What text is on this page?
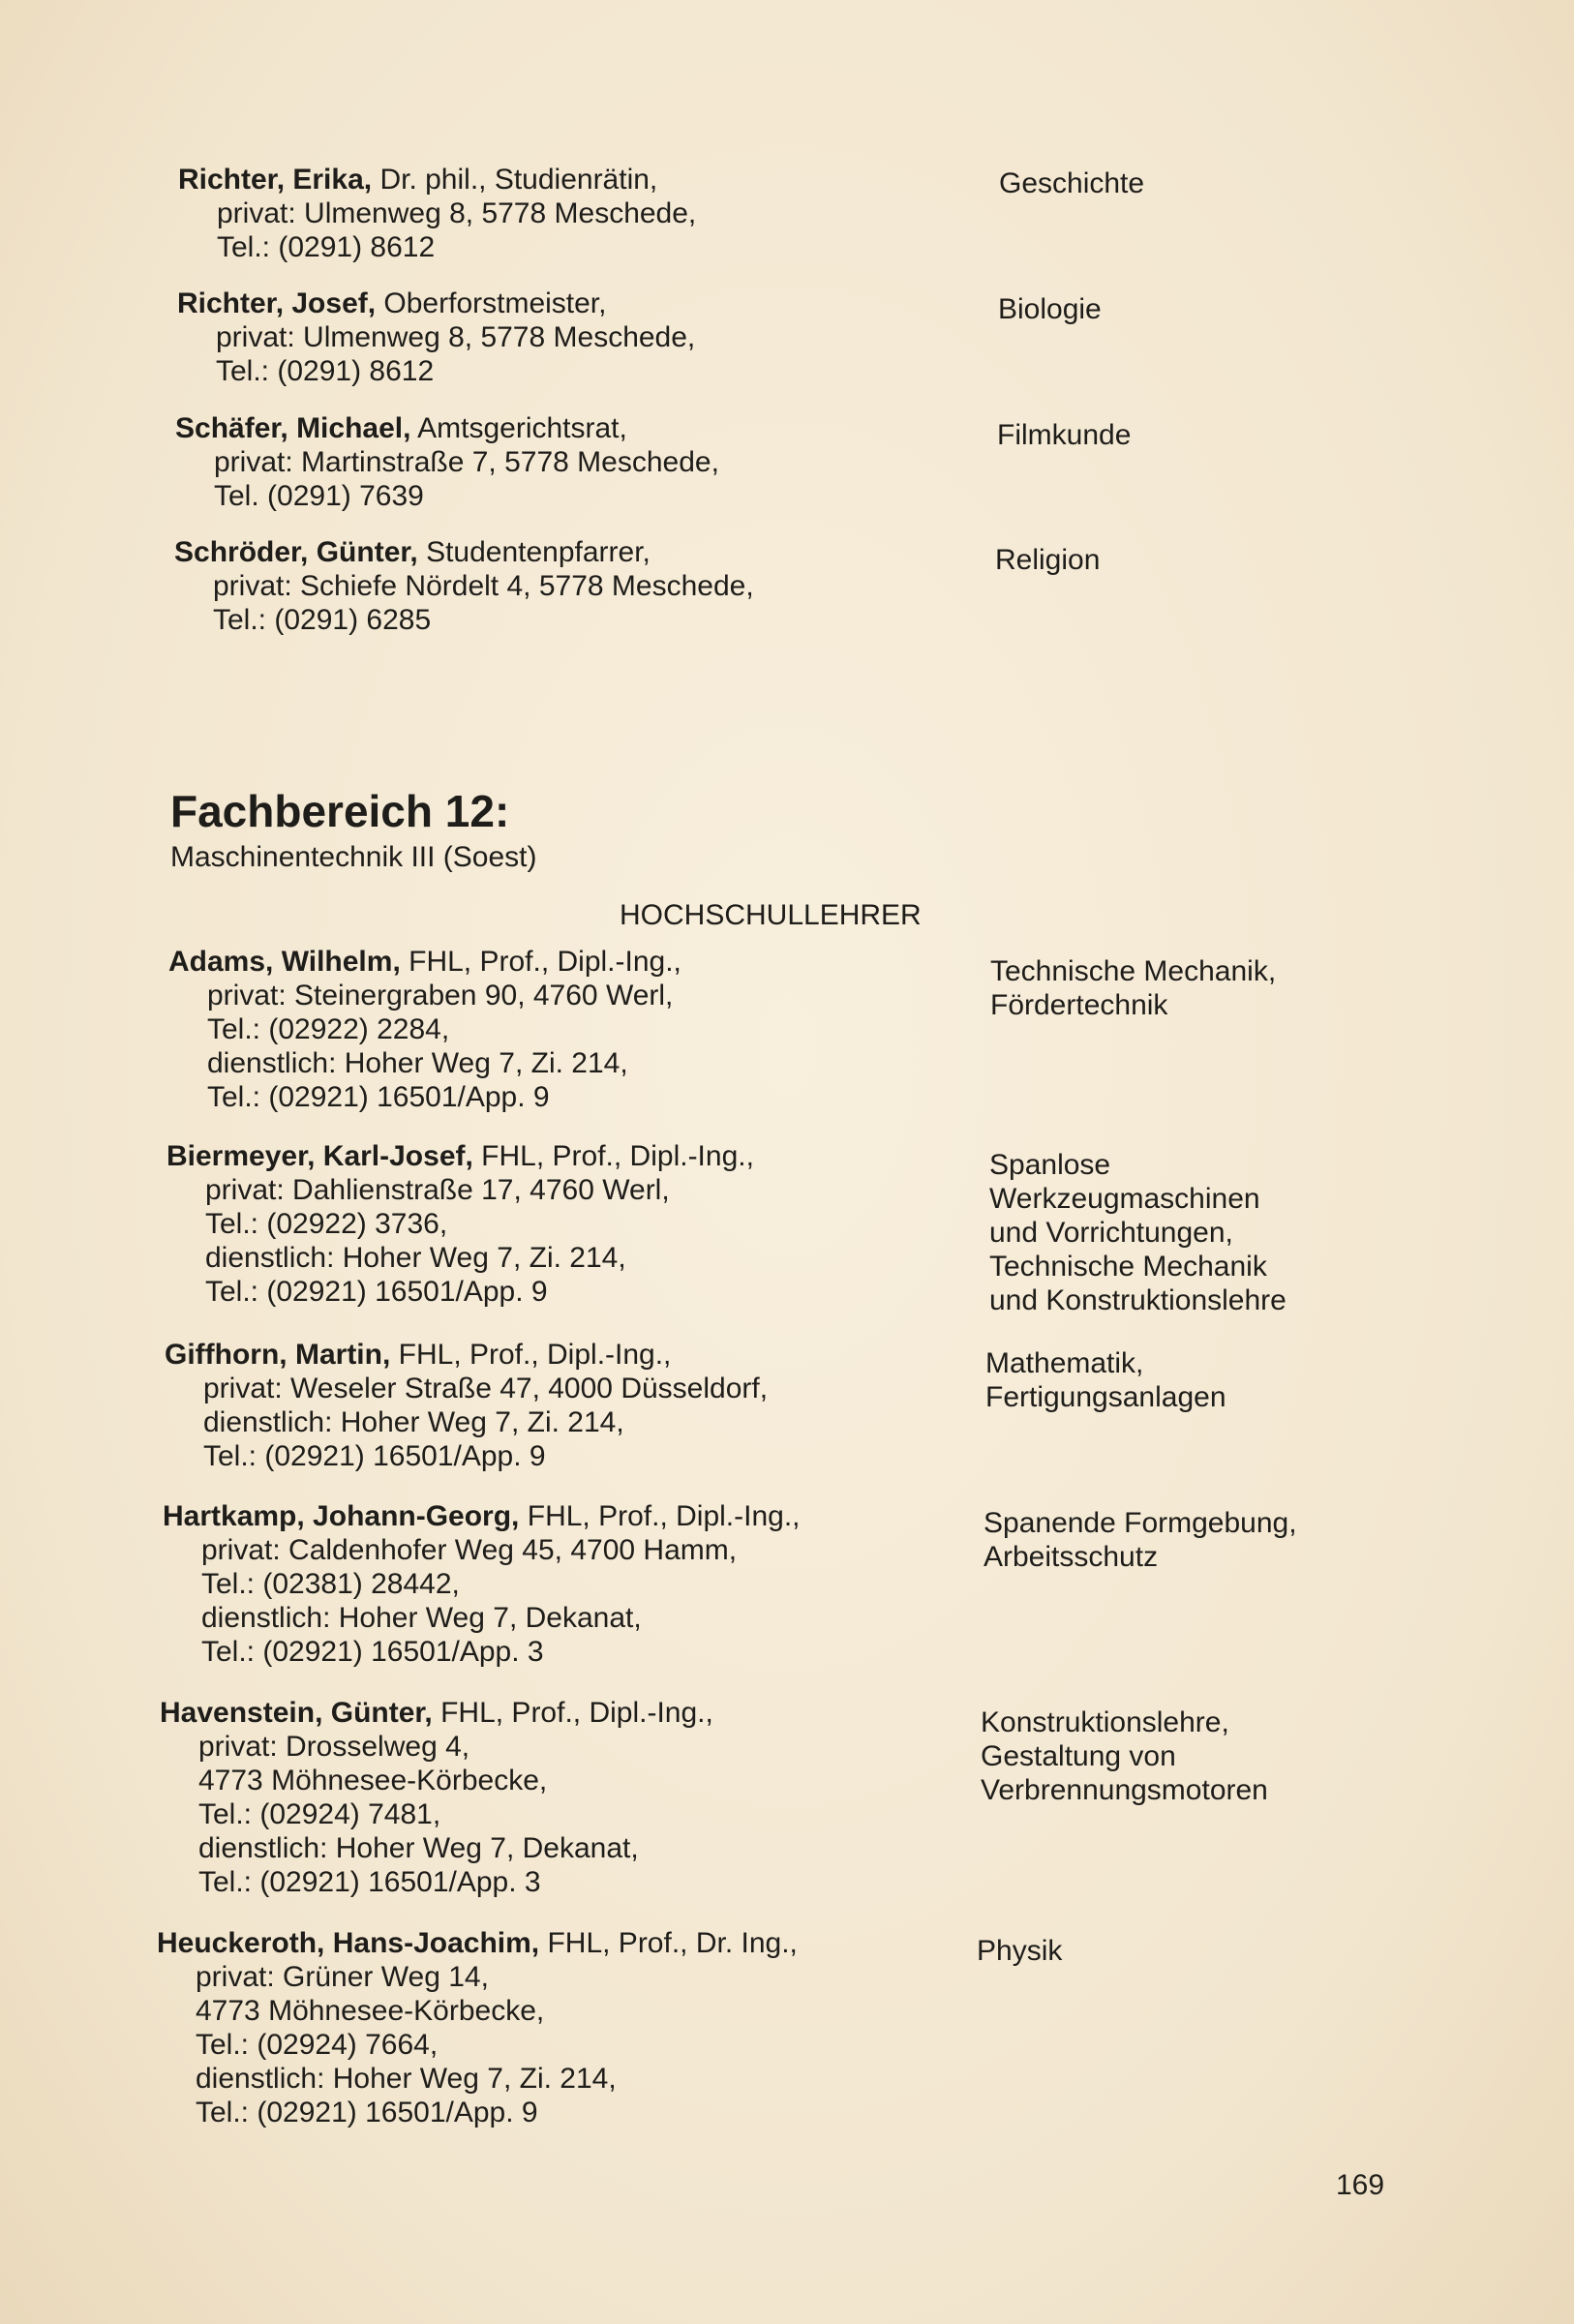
Richter, Erika, Dr. phil., Studienrätin,
privat: Ulmenweg 8, 5778 Meschede,
Tel.: (0291) 8612
Geschichte
Richter, Josef, Oberforstmeister,
privat: Ulmenweg 8, 5778 Meschede,
Tel.: (0291) 8612
Biologie
Schäfer, Michael, Amtsgerichtsrat,
privat: Martinstraße 7, 5778 Meschede,
Tel. (0291) 7639
Filmkunde
Schröder, Günter, Studentenpfarrer,
privat: Schiefe Nördelt 4, 5778 Meschede,
Tel.: (0291) 6285
Religion
Fachbereich 12:
Maschinentechnik III (Soest)
HOCHSCHULLEHRER
Adams, Wilhelm, FHL, Prof., Dipl.-Ing.,
privat: Steinergraben 90, 4760 Werl,
Tel.: (02922) 2284,
dienstlich: Hoher Weg 7, Zi. 214,
Tel.: (02921) 16501/App. 9
Technische Mechanik,
Fördertechnik
Biermeyer, Karl-Josef, FHL, Prof., Dipl.-Ing.,
privat: Dahlienstraße 17, 4760 Werl,
Tel.: (02922) 3736,
dienstlich: Hoher Weg 7, Zi. 214,
Tel.: (02921) 16501/App. 9
Spanlose
Werkzeugmaschinen
und Vorrichtungen,
Technische Mechanik
und Konstruktionslehre
Giffhorn, Martin, FHL, Prof., Dipl.-Ing.,
privat: Weseler Straße 47, 4000 Düsseldorf,
dienstlich: Hoher Weg 7, Zi. 214,
Tel.: (02921) 16501/App. 9
Mathematik,
Fertigungsanlagen
Hartkamp, Johann-Georg, FHL, Prof., Dipl.-Ing.,
privat: Caldenhofer Weg 45, 4700 Hamm,
Tel.: (02381) 28442,
dienstlich: Hoher Weg 7, Dekanat,
Tel.: (02921) 16501/App. 3
Spanende Formgebung,
Arbeitsschutz
Havenstein, Günter, FHL, Prof., Dipl.-Ing.,
privat: Drosselweg 4,
4773 Möhnesee-Körbecke,
Tel.: (02924) 7481,
dienstlich: Hoher Weg 7, Dekanat,
Tel.: (02921) 16501/App. 3
Konstruktionslehre,
Gestaltung von
Verbrennungsmotoren
Heuckeroth, Hans-Joachim, FHL, Prof., Dr. Ing.,
privat: Grüner Weg 14,
4773 Möhnesee-Körbecke,
Tel.: (02924) 7664,
dienstlich: Hoher Weg 7, Zi. 214,
Tel.: (02921) 16501/App. 9
Physik
169
